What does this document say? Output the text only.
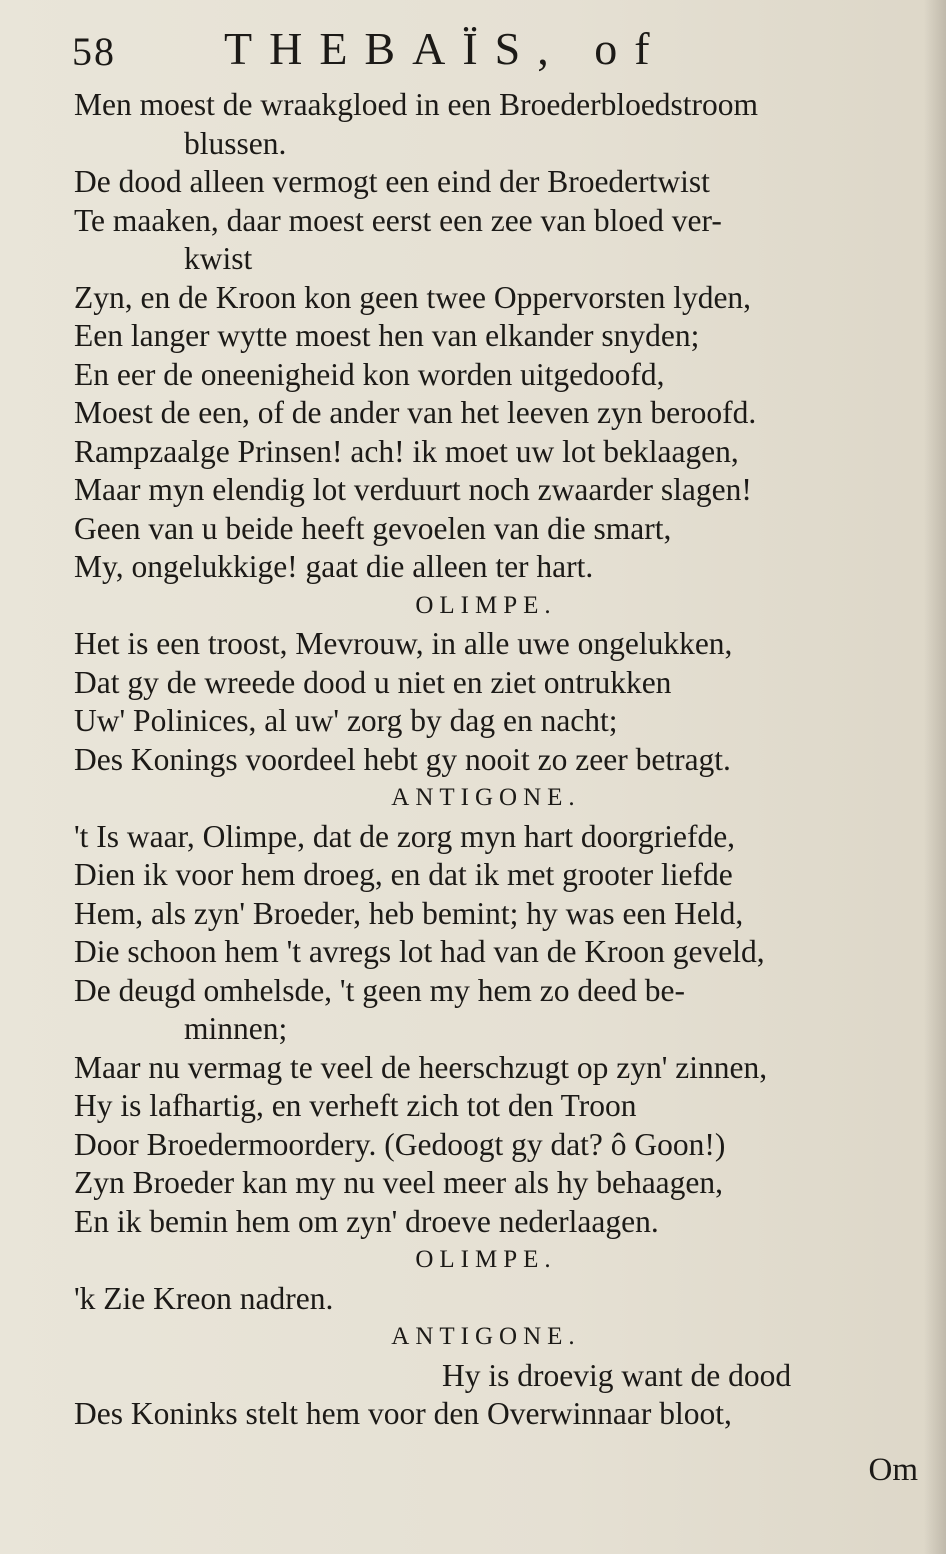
58 THEBAÏS, of
Men moest de wraakgloed in een Broederbloedstroom
blussen.
De dood alleen vermogt een eind der Broedertwist
Te maaken, daar moest eerst een zee van bloed ver-
kwist
Zyn, en de Kroon kon geen twee Oppervorsten lyden,
Een langer wytte moest hen van elkander snyden;
En eer de oneenigheid kon worden uitgedoofd,
Moest de een, of de ander van het leeven zyn beroofd.
Rampzaalge Prinsen! ach! ik moet uw lot beklaagen,
Maar myn elendig lot verduurt noch zwaarder slagen!
Geen van u beide heeft gevoelen van die smart,
My, ongelukkige! gaat die alleen ter hart.
OLIMPE.
Het is een troost, Mevrouw, in alle uwe ongelukken,
Dat gy de wreede dood u niet en ziet ontrukken
Uw' Polinices, al uw' zorg by dag en nacht;
Des Konings voordeel hebt gy nooit zo zeer betragt.
ANTIGONE.
't Is waar, Olimpe, dat de zorg myn hart doorgriefde,
Dien ik voor hem droeg, en dat ik met grooter liefde
Hem, als zyn' Broeder, heb bemint; hy was een Held,
Die schoon hem 't avregs lot had van de Kroon geveld,
De deugd omhelsde, 't geen my hem zo deed be-
minnen;
Maar nu vermag te veel de heerschzugt op zyn' zinnen,
Hy is lafhartig, en verheft zich tot den Troon
Door Broedermoordery. (Gedoogt gy dat? ô Goon!)
Zyn Broeder kan my nu veel meer als hy behaagen,
En ik bemin hem om zyn' droeve nederlaagen.
OLIMPE.
'k Zie Kreon nadren.
ANTIGONE.
Hy is droevig want de dood
Des Koninks stelt hem voor den Overwinnaar bloot,
Om
